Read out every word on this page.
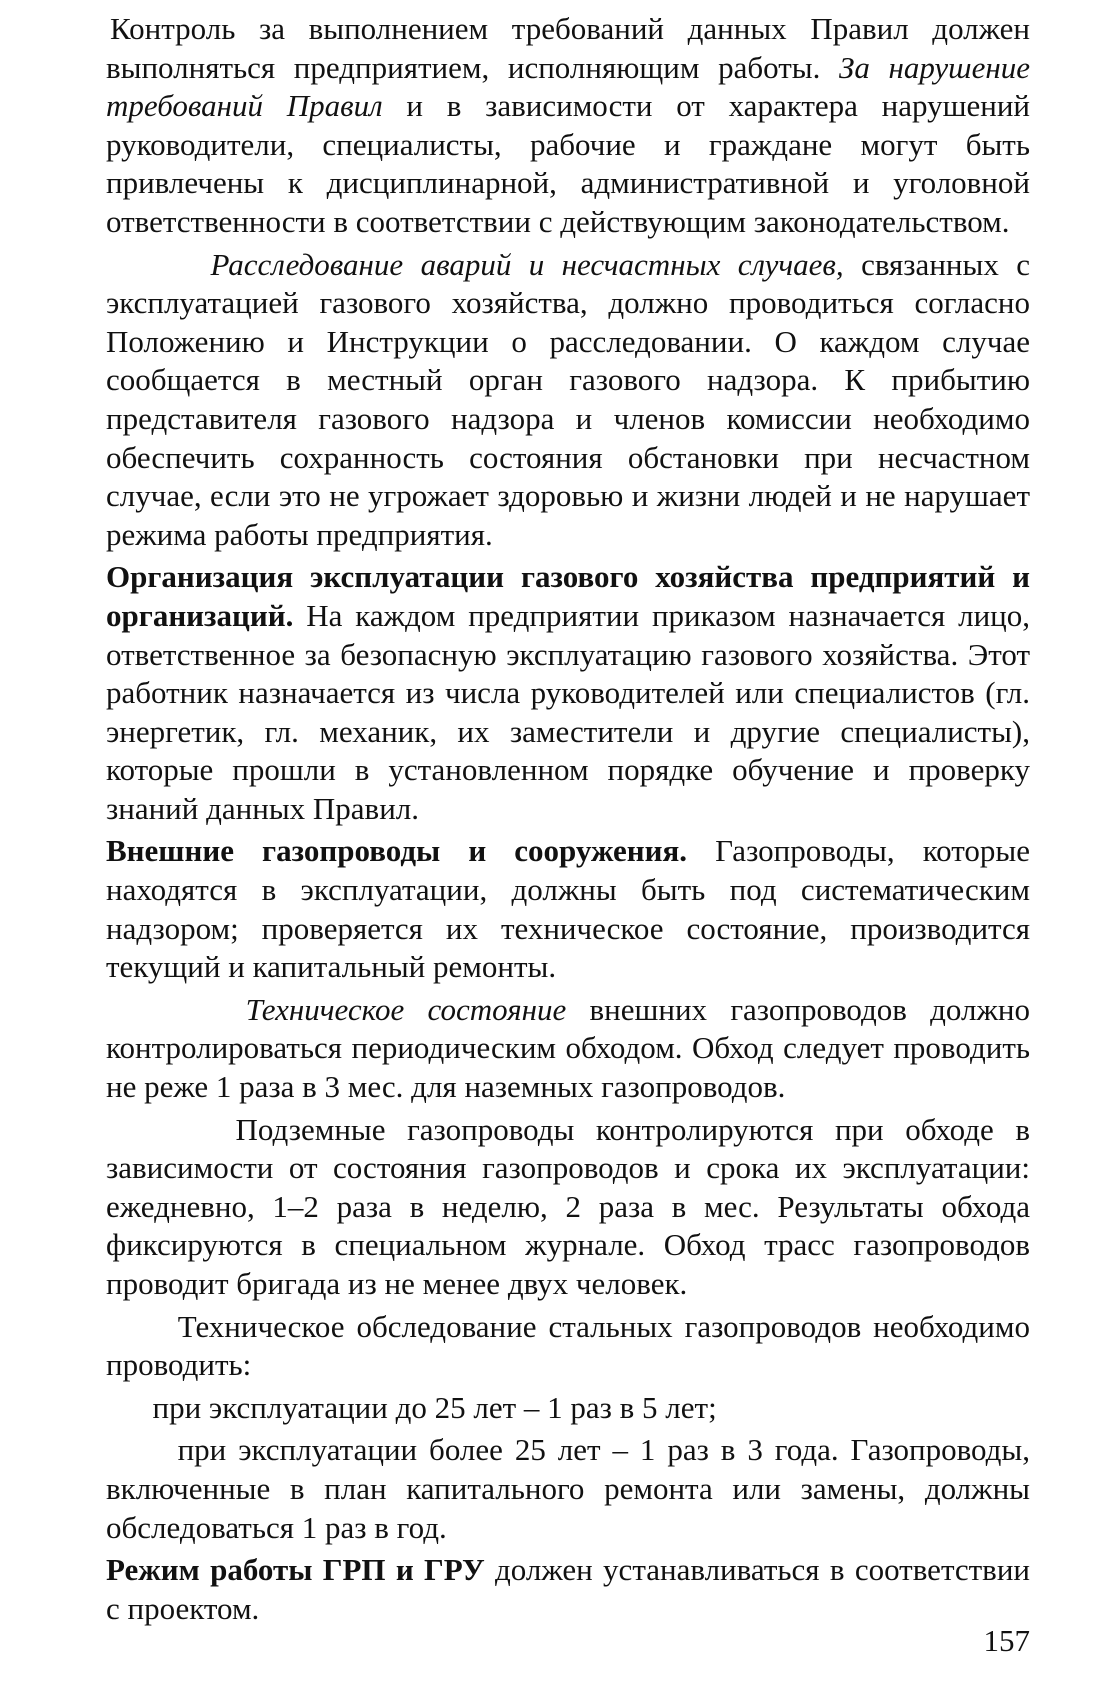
Контроль за выполнением требований данных Правил должен выполняться предприятием, исполняющим работы. За нарушение требований Правил и в зависимости от характера нарушений руководители, специалисты, рабочие и граждане могут быть привлечены к дисциплинарной, административной и уголовной ответственности в соответствии с действующим законодательством.

Расследование аварий и несчастных случаев, связанных с эксплуатацией газового хозяйства, должно проводиться согласно Положению и Инструкции о расследовании. О каждом случае сообщается в местный орган газового надзора. К прибытию представителя газового надзора и членов комиссии необходимо обеспечить сохранность состояния обстановки при несчастном случае, если это не угрожает здоровью и жизни людей и не нарушает режима работы предприятия.

Организация эксплуатации газового хозяйства предприятий и организаций. На каждом предприятии приказом назначается лицо, ответственное за безопасную эксплуатацию газового хозяйства. Этот работник назначается из числа руководителей или специалистов (гл. энергетик, гл. механик, их заместители и другие специалисты), которые прошли в установленном порядке обучение и проверку знаний данных Правил.

Внешние газопроводы и сооружения. Газопроводы, которые находятся в эксплуатации, должны быть под систематическим надзором; проверяется их техническое состояние, производится текущий и капитальный ремонты.

Техническое состояние внешних газопроводов должно контролироваться периодическим обходом. Обход следует проводить не реже 1 раза в 3 мес. для наземных газопроводов.

Подземные газопроводы контролируются при обходе в зависимости от состояния газопроводов и срока их эксплуатации: ежедневно, 1–2 раза в неделю, 2 раза в мес. Результаты обхода фиксируются в специальном журнале. Обход трасс газопроводов проводит бригада из не менее двух человек.

Техническое обследование стальных газопроводов необходимо проводить:

при эксплуатации до 25 лет – 1 раз в 5 лет;

при эксплуатации более 25 лет – 1 раз в 3 года. Газопроводы, включенные в план капитального ремонта или замены, должны обследоваться 1 раз в год.

Режим работы ГРП и ГРУ должен устанавливаться в соответствии с проектом.

157
